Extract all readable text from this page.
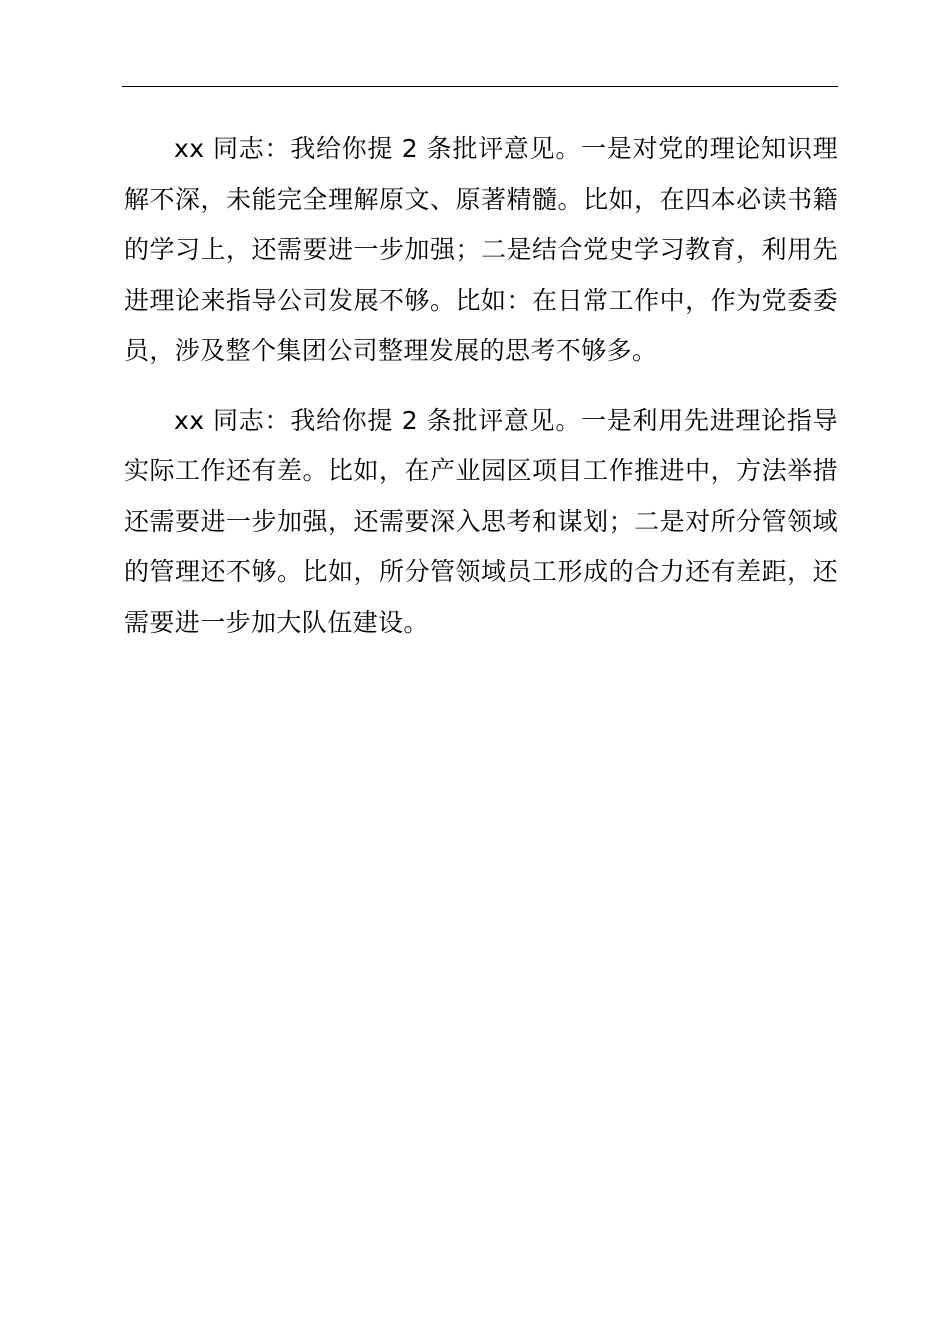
xx 同志：我给你提 2 条批评意见。一是对党的理论知识理解不深，未能完全理解原文、原著精髓。比如，在四本必读书籍的学习上，还需要进一步加强；二是结合党史学习教育，利用先进理论来指导公司发展不够。比如：在日常工作中，作为党委委员，涉及整个集团公司整理发展的思考不够多。

xx 同志：我给你提 2 条批评意见。一是利用先进理论指导实际工作还有差。比如，在产业园区项目工作推进中，方法举措还需要进一步加强，还需要深入思考和谋划；二是对所分管领域的管理还不够。比如，所分管领域员工形成的合力还有差距，还需要进一步加大队伍建设。
